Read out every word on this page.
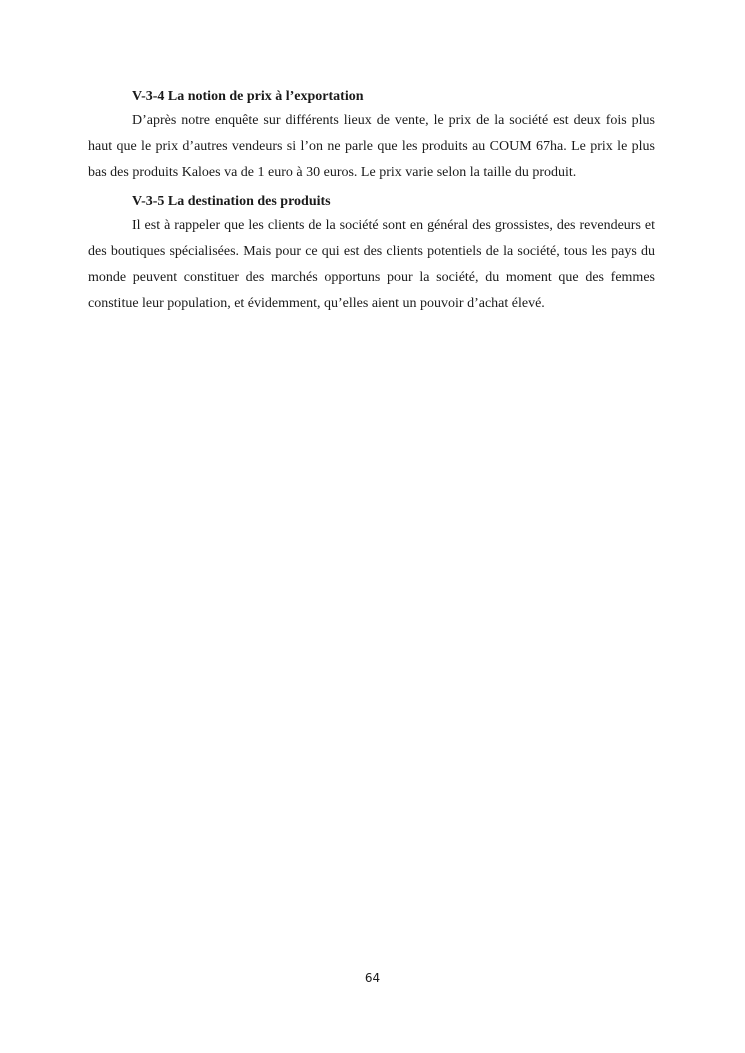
V-3-4 La notion de prix à l’exportation

D’après notre enquête sur différents lieux de vente, le prix de la société est deux fois plus haut que le prix d’autres vendeurs si l’on ne parle que les produits au COUM 67ha. Le prix le plus bas des produits Kaloes va de 1 euro à 30 euros. Le prix varie selon la taille du produit.

V-3-5 La destination des produits

Il est à rappeler que les clients de la société sont en général des grossistes, des revendeurs et des boutiques spécialisées. Mais pour ce qui est des clients potentiels de la société, tous les pays du monde peuvent constituer des marchés opportuns pour la société, du moment que des femmes constitue leur population, et évidemment, qu’elles aient un pouvoir d’achat élevé.

64
